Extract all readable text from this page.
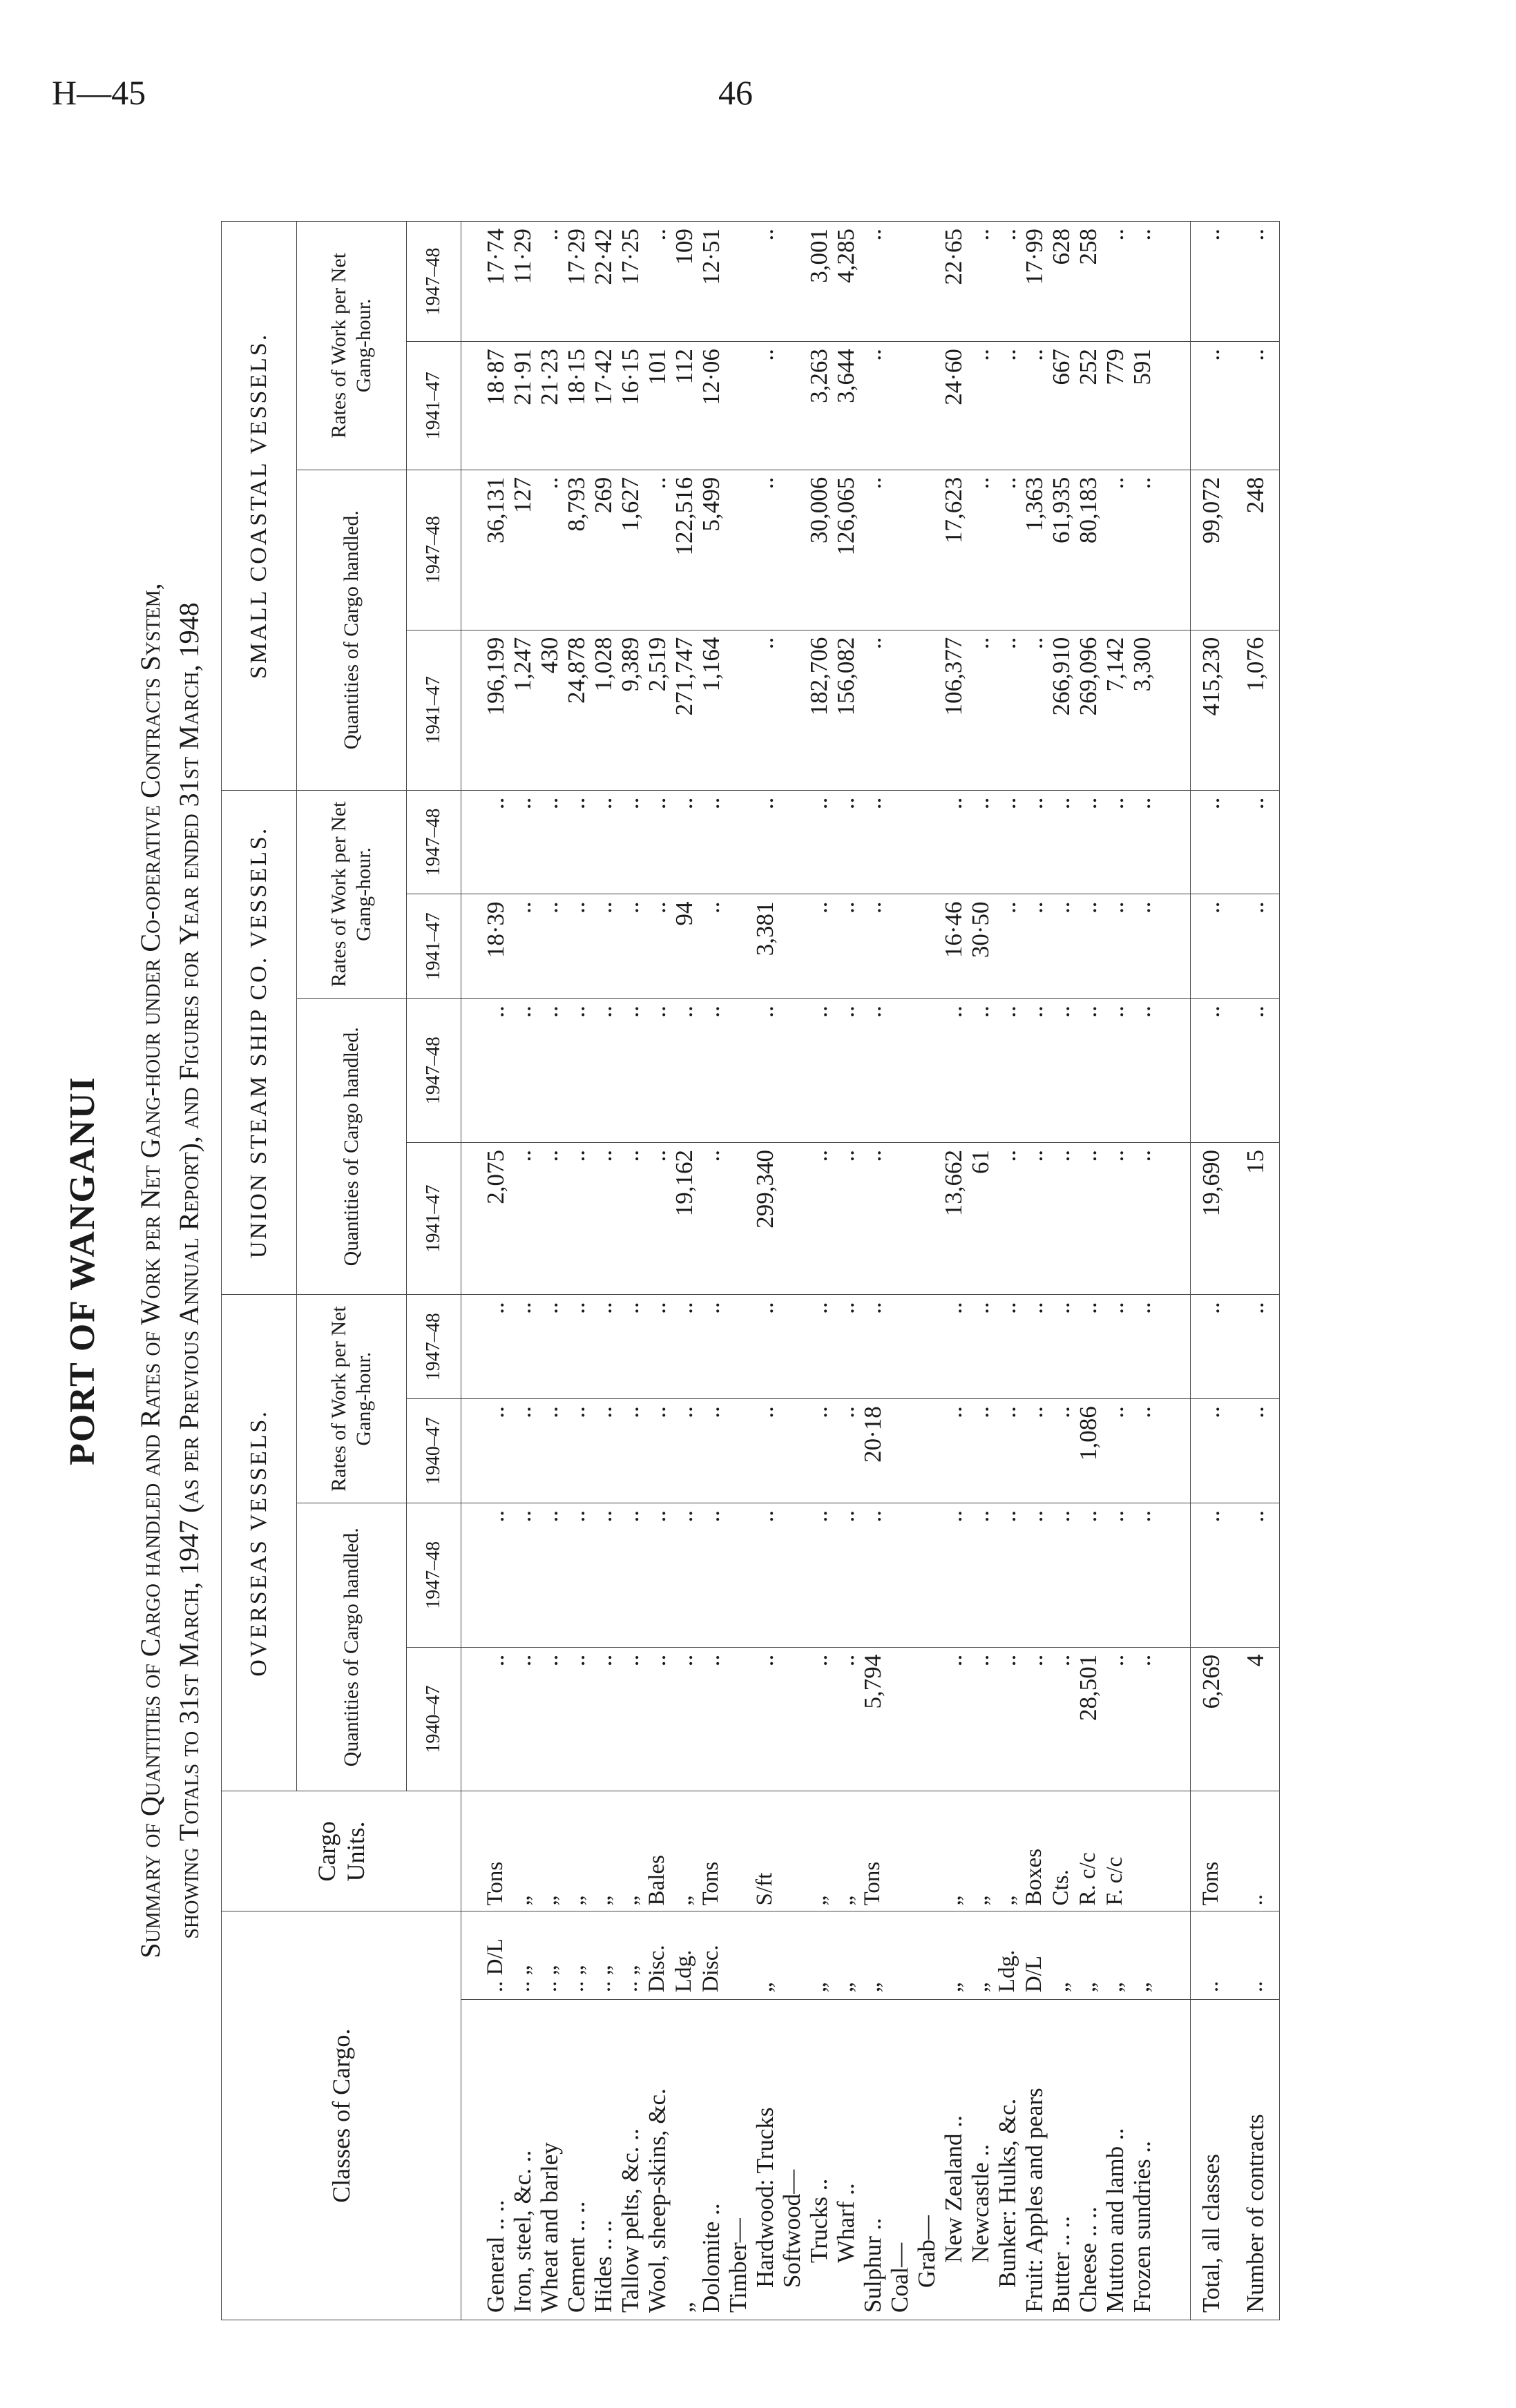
H—45	46
PORT OF WANGANUI Summary of Quantities of Cargo handled and Rates of Work per Net Gang-hour under Co-operative Contracts System, showing Totals to 31st March, 1947 (as per Previous Annual Report), and Figures for Year ended 31st March, 1948
Classes of Cargo.		Cargo Units.	OVERSEAS VESSELS.				UNION STEAM SHIP CO. VESSELS.				SMALL COASTAL VESSELS.			
			Quantities of Cargo handled.		Rates of Work per Net Gang-hour.		Quantities of Cargo handled.		Rates of Work per Net Gang-hour.		Quantities of Cargo handled.		Rates of Work per Net Gang-hour.	
			1940–47	1947–48	1940–47	1947–48	1941–47	1947–48	1941–47	1947–48	1941–47	1947–48	1941–47	1947–48
General .. ..	.. D/L	Tons	..	..	..	..	2,075	..	18·39	..	196,199	36,131	18·87	17·74
Iron, steel, &c. ..	.. „	„	..	..	..	..	..	..	..	..	1,247	127	21·91	11·29
Wheat and barley	.. „	„	..	..	..	..	..	..	..	..	430	..	21·23	..
Cement .. ..	.. „	„	..	..	..	..	..	..	..	..	24,878	8,793	18·15	17·29
Hides .. ..	.. „	„	..	..	..	..	..	..	..	..	1,028	269	17·42	22·42
Tallow pelts, &c. ..	.. „	„	..	..	..	..	..	..	..	..	9,389	1,627	16·15	17·25
Wool, sheep-skins, &c.	Disc.	Bales	..	..	..	..	..	..	..	..	2,519	..	101	..
„	Ldg.	„	..	..	..	..	19,162	..	94	..	271,747	122,516	112	109
Dolomite ..	Disc.	Tons	..	..	..	..	..	..	..	..	1,164	5,499	12·06	12·51
Timber—														
Hardwood: Trucks	„	S/ft	..	..	..	..	299,340	..	3,381	..	..	..	..	..
Softwood—														
Trucks ..	„	„	..	..	..	..	..	..	..	..	182,706	30,006	3,263	3,001
Wharf ..	„	„	..	..	..	..	..	..	..	..	156,082	126,065	3,644	4,285
Sulphur ..	„	Tons	5,794	..	20·18	..	..	..	..	..	..	..	..	..
Coal—														
Grab—														
New Zealand ..	„	„	..	..	..	..	13,662	..	16·46	..	106,377	17,623	24·60	22·65
Newcastle ..	„	„	..	..	..	..	61	..	30·50	..	..	..	..	..
Bunker: Hulks, &c.	Ldg.	„	..	..	..	..	..	..	..	..	..	..	..	..
Fruit: Apples and pears	D/L	Boxes	..	..	..	..	..	..	..	..	..	1,363	..	17·99
Butter .. ..	„	Cts.	..	..	..	..	..	..	..	..	266,910	61,935	667	628
Cheese .. ..	„	R. c/c	28,501	..	1,086	..	..	..	..	..	269,096	80,183	252	258
Mutton and lamb ..	„	F. c/c	..	..	..	..	..	..	..	..	7,142	..	779	..
Frozen sundries ..	„		..	..	..	..	..	..	..	..	3,300	..	591	..

Total, all classes	..	Tons	6,269	..	..	..	19,690	..	..	..	415,230	99,072	..	..
Number of contracts	..	..	4	..	..	..	15	..	..	..	1,076	248	..	..
